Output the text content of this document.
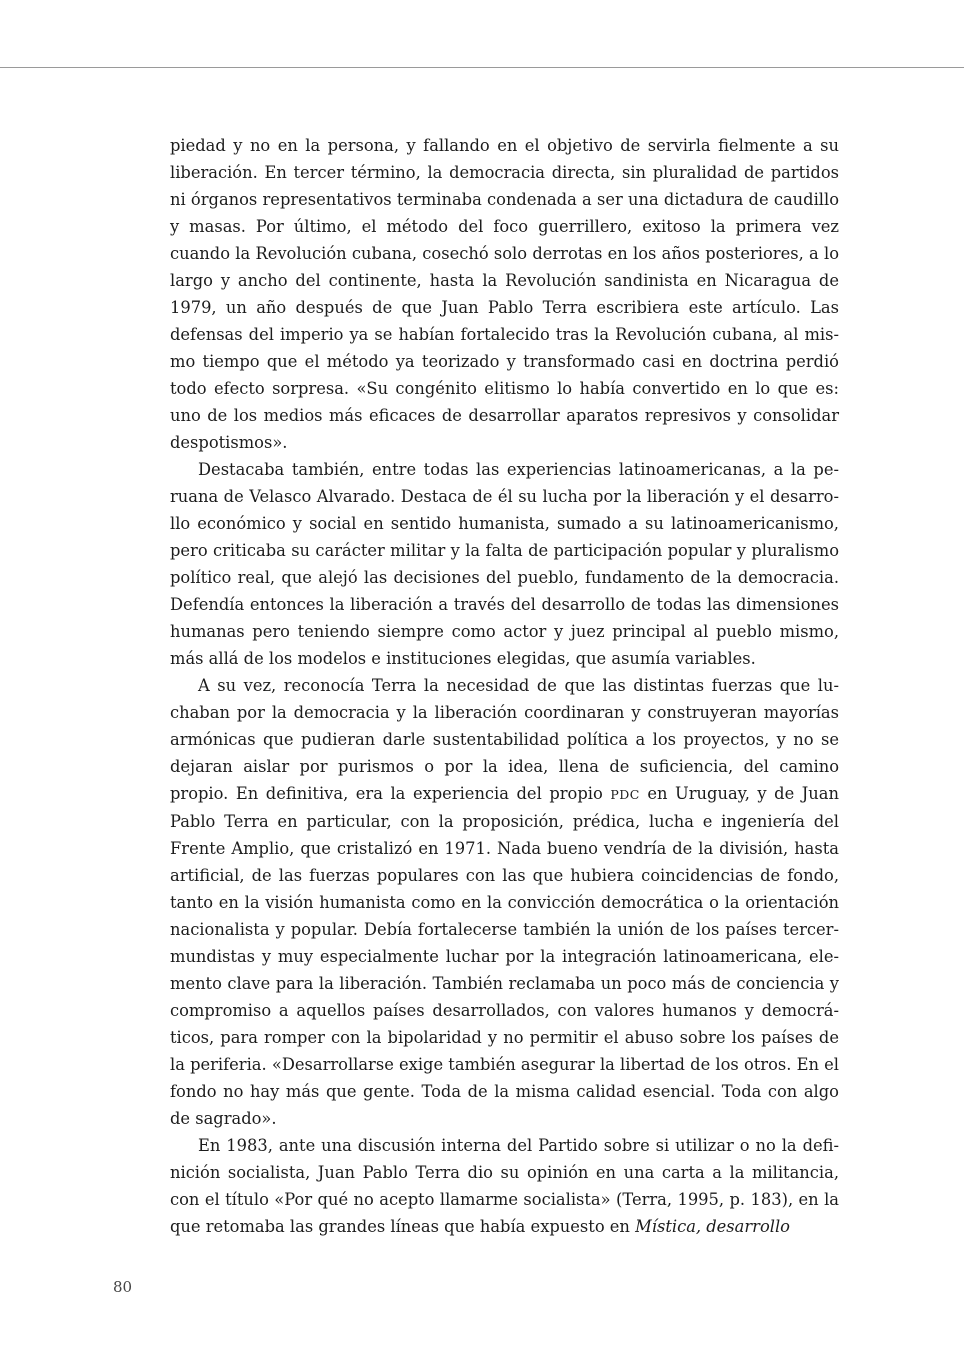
piedad y no en la persona, y fallando en el objetivo de servirla fielmente a su liberación. En tercer término, la democracia directa, sin pluralidad de partidos ni órganos representativos terminaba condenada a ser una dictadura de caudillo y masas. Por último, el método del foco guerrillero, exitoso la primera vez cuando la Revolución cubana, cosechó solo derrotas en los años posteriores, a lo largo y ancho del continente, hasta la Revolución sandinista en Nicaragua de 1979, un año después de que Juan Pablo Terra escribiera este artículo. Las defensas del imperio ya se habían fortalecido tras la Revolución cubana, al mismo tiempo que el método ya teorizado y transformado casi en doctrina perdió todo efecto sorpresa. «Su congénito elitismo lo había convertido en lo que es: uno de los medios más eficaces de desarrollar aparatos represivos y consolidar despotismos».

Destacaba también, entre todas las experiencias latinoamericanas, a la peruana de Velasco Alvarado. Destaca de él su lucha por la liberación y el desarrollo económico y social en sentido humanista, sumado a su latinoamericanismo, pero criticaba su carácter militar y la falta de participación popular y pluralismo político real, que alejó las decisiones del pueblo, fundamento de la democracia. Defendía entonces la liberación a través del desarrollo de todas las dimensiones humanas pero teniendo siempre como actor y juez principal al pueblo mismo, más allá de los modelos e instituciones elegidas, que asumía variables.

A su vez, reconocía Terra la necesidad de que las distintas fuerzas que luchaban por la democracia y la liberación coordinaran y construyeran mayorías armónicas que pudieran darle sustentabilidad política a los proyectos, y no se dejaran aislar por purismos o por la idea, llena de suficiencia, del camino propio. En definitiva, era la experiencia del propio PDC en Uruguay, y de Juan Pablo Terra en particular, con la proposición, prédica, lucha e ingeniería del Frente Amplio, que cristalizó en 1971. Nada bueno vendría de la división, hasta artificial, de las fuerzas populares con las que hubiera coincidencias de fondo, tanto en la visión humanista como en la convicción democrática o la orientación nacionalista y popular. Debía fortalecerse también la unión de los países tercermundistas y muy especialmente luchar por la integración latinoamericana, elemento clave para la liberación. También reclamaba un poco más de conciencia y compromiso a aquellos países desarrollados, con valores humanos y democráticos, para romper con la bipolaridad y no permitir el abuso sobre los países de la periferia. «Desarrollarse exige también asegurar la libertad de los otros. En el fondo no hay más que gente. Toda de la misma calidad esencial. Toda con algo de sagrado».

En 1983, ante una discusión interna del Partido sobre si utilizar o no la definición socialista, Juan Pablo Terra dio su opinión en una carta a la militancia, con el título «Por qué no acepto llamarme socialista» (Terra, 1995, p. 183), en la que retomaba las grandes líneas que había expuesto en Mística, desarrollo

80
